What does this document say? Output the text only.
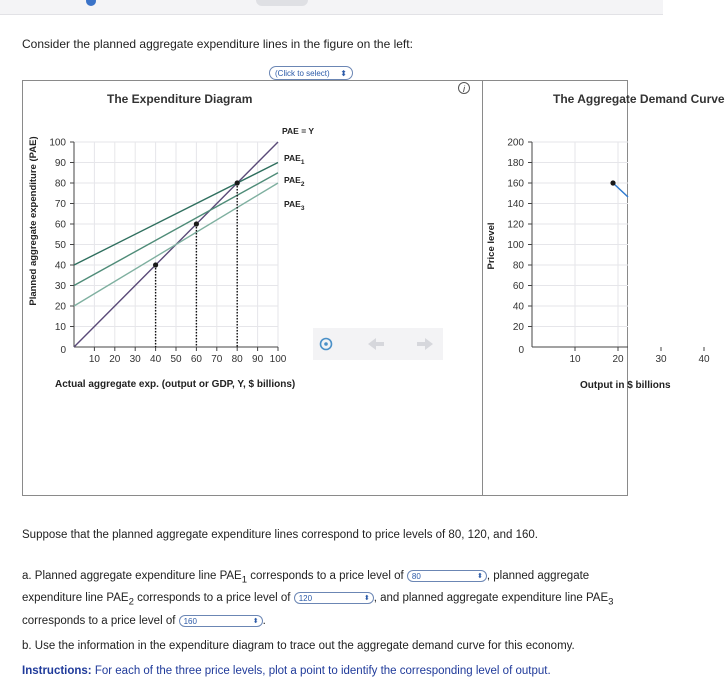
Consider the planned aggregate expenditure lines in the figure on the left:
(Click to select) ⬍
The Expenditure Diagram
100
90
80
70
60
50
40
30
20
10
10 20 30 40 50 60 70 80 90 100
0
Planned aggregate expenditure (PAE)
Actual aggregate exp. (output or GDP, Y, $ billions)
PAE = Y
$PAE_1$
$PAE_2$
$PAE_3$
i
The Aggregate Demand Curve
200
180
160
140
120
100
80
60
40
20
10	20	30	40
0
Price level
Output in $ billions
Suppose that the planned aggregate expenditure lines correspond to price levels of 80, 120, and 160.
a. Planned aggregate expenditure line $PAE_1$ corresponds to a price level of 80	⬍ , planned aggregate expenditure line $PAE_2$ corresponds to a price level of 120	⬍ , and planned aggregate expenditure line $PAE_3$ corresponds to a price level of 160	⬍ .
b. Use the information in the expenditure diagram to trace out the aggregate demand curve for this economy.
Instructions: For each of the three price levels, plot a point to identify the corresponding level of output.
